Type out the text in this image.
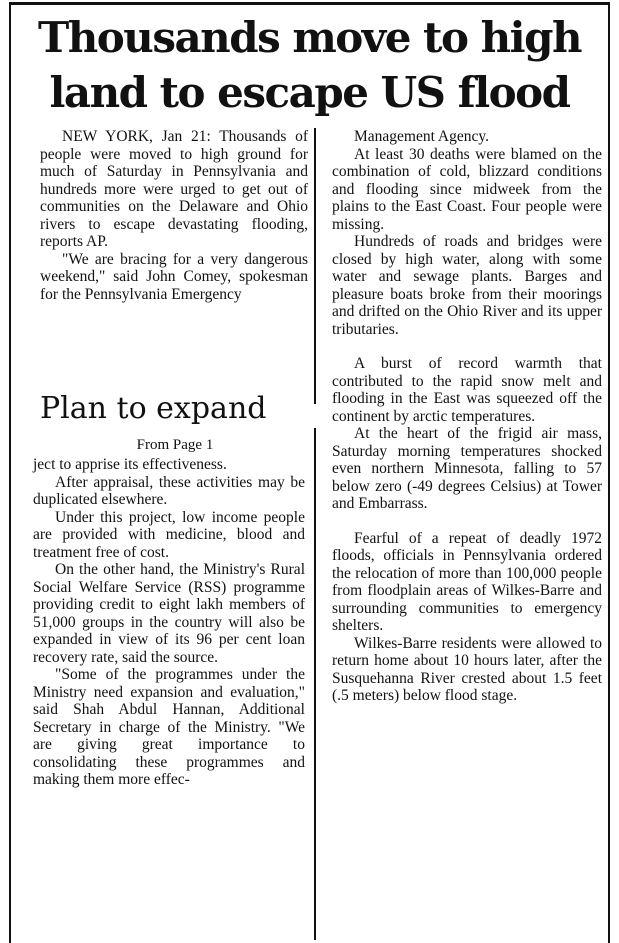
Thousands move to high
land to escape US flood

NEW YORK, Jan 21: Thousands of people were moved to high ground for much of Saturday in Pennsylvania and hundreds more were urged to get out of communities on the Delaware and Ohio rivers to escape devastating flooding, reports AP.

"We are bracing for a very dangerous weekend," said John Comey, spokesman for the Pennsylvania Emergency

Management Agency.

At least 30 deaths were blamed on the combination of cold, blizzard conditions and flooding since midweek from the plains to the East Coast. Four people were missing.

Hundreds of roads and bridges were closed by high water, along with some water and sewage plants. Barges and pleasure boats broke from their moorings and drifted on the Ohio River and its upper tributaries.

A burst of record warmth that contributed to the rapid snow melt and flooding in the East was squeezed off the continent by arctic temperatures.

At the heart of the frigid air mass, Saturday morning temperatures shocked even northern Minnesota, falling to 57 below zero (-49 degrees Celsius) at Tower and Embarrass.

Fearful of a repeat of deadly 1972 floods, officials in Pennsylvania ordered the relocation of more than 100,000 people from floodplain areas of Wilkes-Barre and surrounding communities to emergency shelters.

Wilkes-Barre residents were allowed to return home about 10 hours later, after the Susquehanna River crested about 1.5 feet (.5 meters) below flood stage.

Plan to expand
From Page 1

ject to apprise its effectiveness.

After appraisal, these activities may be duplicated elsewhere.

Under this project, low income people are provided with medicine, blood and treatment free of cost.

On the other hand, the Ministry's Rural Social Welfare Service (RSS) programme providing credit to eight lakh members of 51,000 groups in the country will also be expanded in view of its 96 per cent loan recovery rate, said the source.

"Some of the programmes under the Ministry need expansion and evaluation," said Shah Abdul Hannan, Additional Secretary in charge of the Ministry. "We are giving great importance to consolidating these programmes and making them more effec-
